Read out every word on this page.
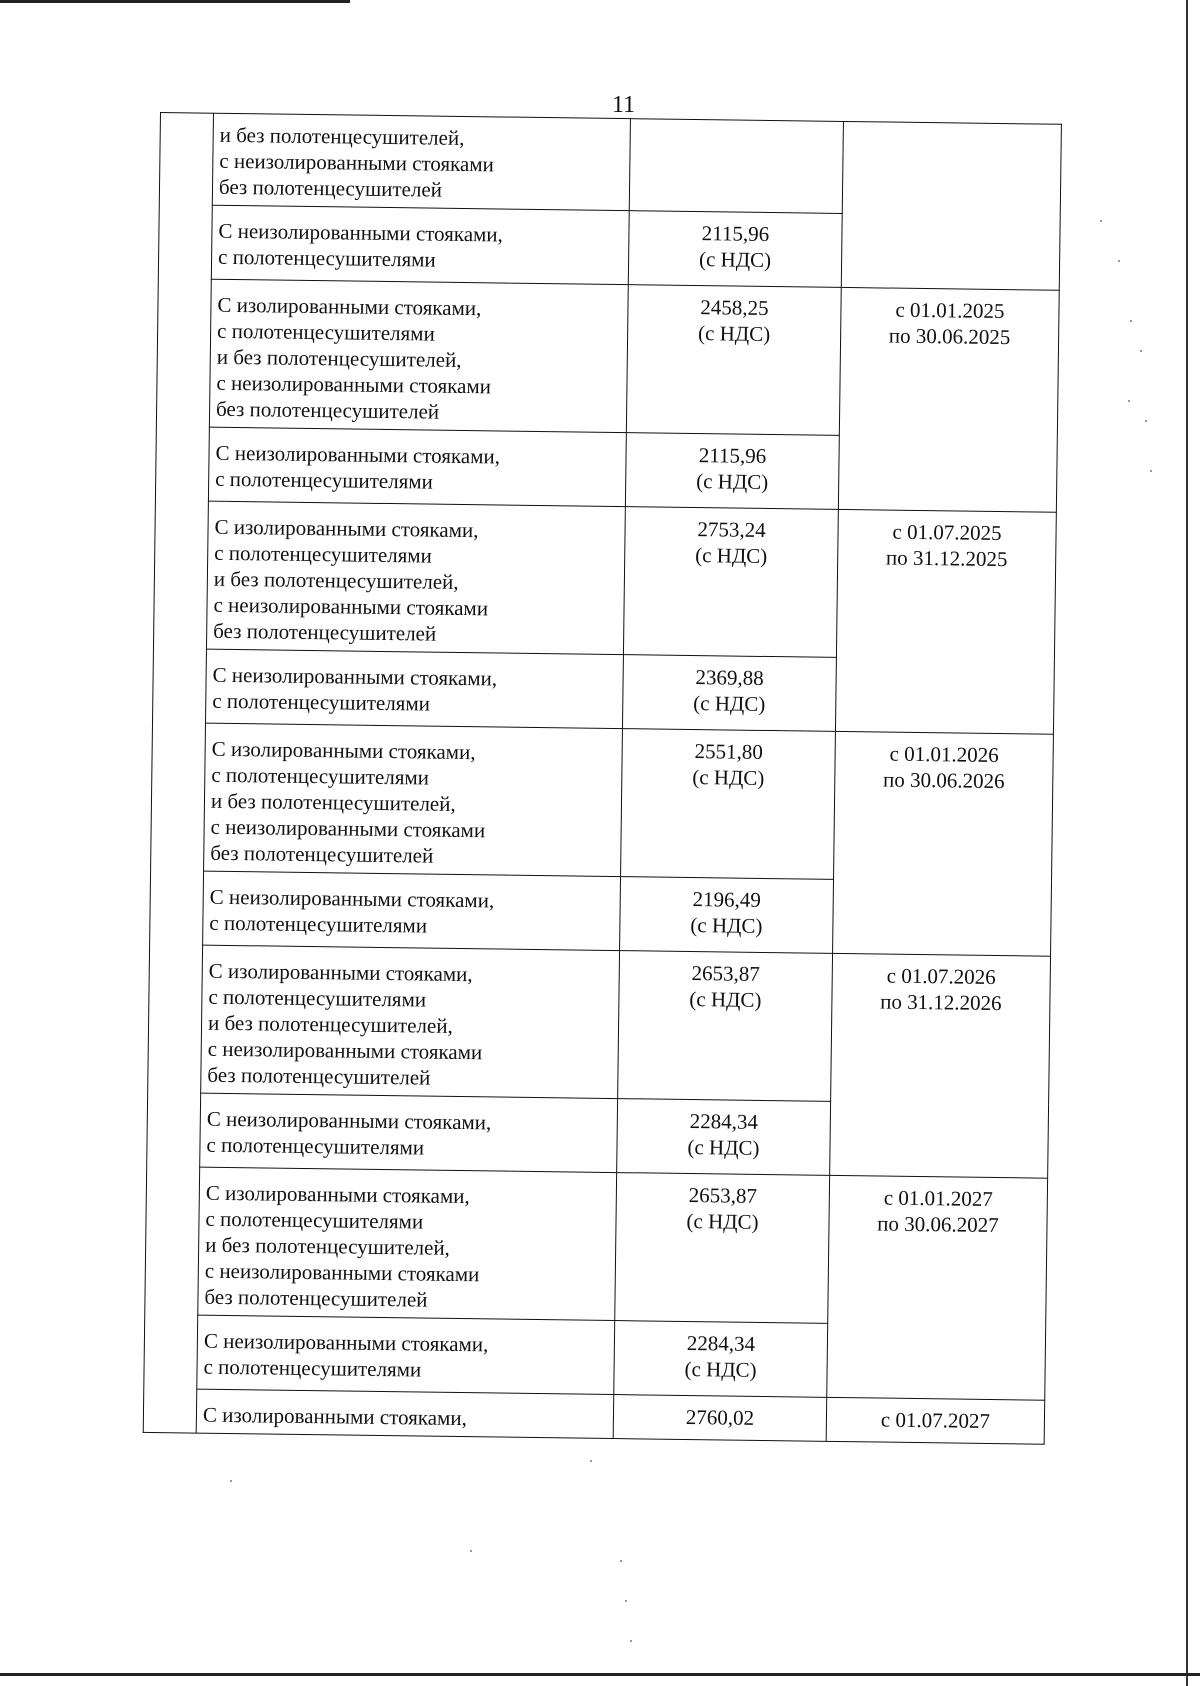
11

	и без полотенцесушителей,
с неизолированными стояками
без полотенцесушителей		

	С неизолированными стояками,
с полотенцесушителями	2115,96
(с НДС)	

	С изолированными стояками,
с полотенцесушителями
и без полотенцесушителей,
с неизолированными стояками
без полотенцесушителей	2458,25
(с НДС)	с 01.01.2025
по 30.06.2025

	С неизолированными стояками,
с полотенцесушителями	2115,96
(с НДС)	

	С изолированными стояками,
с полотенцесушителями
и без полотенцесушителей,
с неизолированными стояками
без полотенцесушителей	2753,24
(с НДС)	с 01.07.2025
по 31.12.2025

	С неизолированными стояками,
с полотенцесушителями	2369,88
(с НДС)	

	С изолированными стояками,
с полотенцесушителями
и без полотенцесушителей,
с неизолированными стояками
без полотенцесушителей	2551,80
(с НДС)	с 01.01.2026
по 30.06.2026

	С неизолированными стояками,
с полотенцесушителями	2196,49
(с НДС)	

	С изолированными стояками,
с полотенцесушителями
и без полотенцесушителей,
с неизолированными стояками
без полотенцесушителей	2653,87
(с НДС)	с 01.07.2026
по 31.12.2026

	С неизолированными стояками,
с полотенцесушителями	2284,34
(с НДС)	

	С изолированными стояками,
с полотенцесушителями
и без полотенцесушителей,
с неизолированными стояками
без полотенцесушителей	2653,87
(с НДС)	с 01.01.2027
по 30.06.2027

	С неизолированными стояками,
с полотенцесушителями	2284,34
(с НДС)	

	С изолированными стояками,	2760,02	с 01.07.2027
